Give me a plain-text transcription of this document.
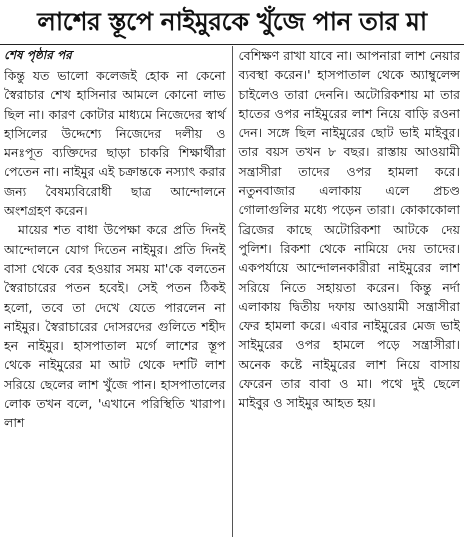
লাশের স্তূপে নাইমুরকে খুঁজে পান তার মা
শেষ পৃষ্ঠার পর

কিন্তু যত ভালো কলেজই হোক না কেনো স্বৈরাচার শেখ হাসিনার আমলে কোনো লাভ ছিল না। কারণ কোটার মাধ্যমে নিজেদের স্বার্থ হাসিলের উদ্দেশ্যে নিজেদের দলীয় ও মনঃপূত ব্যক্তিদের ছাড়া চাকরি শিক্ষার্থীরা পেতেন না। নাইমুর এই চক্রান্তকে নস্যাৎ করার জন্য বৈষম্যবিরোধী ছাত্র আন্দোলনে অংশগ্রহণ করেন।

মায়ের শত বাধা উপেক্ষা করে প্রতি দিনই আন্দোলনে যোগ দিতেন নাইমুর। প্রতি দিনই বাসা থেকে বের হওয়ার সময় মা'কে বলতেন স্বৈরাচারের পতন হবেই। সেই পতন ঠিকই হলো, তবে তা দেখে যেতে পারলেন না নাইমুর। স্বৈরাচারের দোসরদের গুলিতে শহীদ হন নাইমুর। হাসপাতাল মর্গে লাশের স্তূপ থেকে নাইমুরের মা আট থেকে দশটি লাশ সরিয়ে ছেলের লাশ খুঁজে পান। হাসপাতালের লোক তখন বলে, 'এখানে পরিস্থিতি খারাপ। লাশ

বেশিক্ষণ রাখা যাবে না। আপনারা লাশ নেয়ার ব্যবস্থা করেন।' হাসপাতাল থেকে অ্যাম্বুলেন্স চাইলেও তারা দেননি। অটোরিকশায় মা তার হাতের ওপর নাইমুরের লাশ নিয়ে বাড়ি রওনা দেন। সঙ্গে ছিল নাইমুরের ছোট ভাই মাইবুর। তার বয়স তখন ৮ বছর। রাস্তায় আওয়ামী সন্ত্রাসীরা তাদের ওপর হামলা করে। নতুনবাজার এলাকায় এলে প্রচণ্ড গোলাগুলির মধ্যে পড়েন তারা। কোকাকোলা ব্রিজের কাছে অটোরিকশা আটকে দেয় পুলিশ। রিকশা থেকে নামিয়ে দেয় তাদের। একপর্যায়ে আন্দোলনকারীরা নাইমুরের লাশ সরিয়ে নিতে সহায়তা করেন। কিন্তু নর্দা এলাকায় দ্বিতীয় দফায় আওয়ামী সন্ত্রাসীরা ফের হামলা করে। এবার নাইমুরের মেজ ভাই সাইমুরের ওপর হামলে পড়ে সন্ত্রাসীরা। অনেক কষ্টে নাইমুরের লাশ নিয়ে বাসায় ফেরেন তার বাবা ও মা। পথে দুই ছেলে মাইবুর ও সাইমুর আহত হয়।
